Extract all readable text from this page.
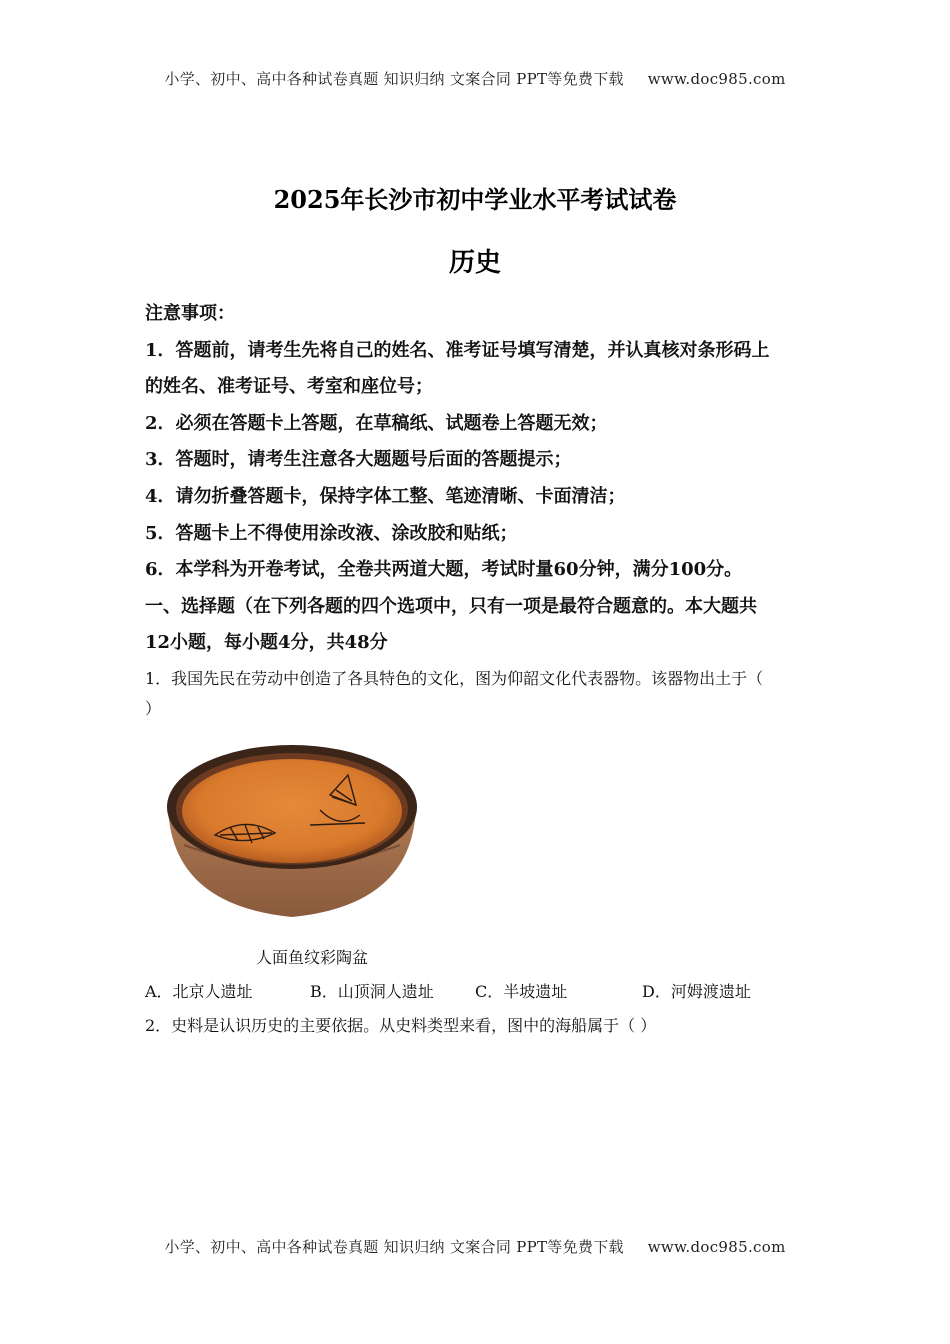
小学、初中、高中各种试卷真题 知识归纳 文案合同 PPT等免费下载 www.doc985.com
2025年长沙市初中学业水平考试试卷
历史
注意事项：
1．答题前，请考生先将自己的姓名、准考证号填写清楚，并认真核对条形码上
的姓名、准考证号、考室和座位号；
2．必须在答题卡上答题，在草稿纸、试题卷上答题无效；
3．答题时，请考生注意各大题题号后面的答题提示；
4．请勿折叠答题卡，保持字体工整、笔迹清晰、卡面清洁；
5．答题卡上不得使用涂改液、涂改胶和贴纸；
6．本学科为开卷考试，全卷共两道大题，考试时量60分钟，满分100分。
一、选择题（在下列各题的四个选项中，只有一项是最符合题意的。本大题共
12小题，每小题4分，共48分
1．我国先民在劳动中创造了各具特色的文化，图为仰韶文化代表器物。该器物出土于（
）
人面鱼纹彩陶盆
A．北京人遗址	B．山顶洞人遗址	C．半坡遗址	D．河姆渡遗址
2．史料是认识历史的主要依据。从史料类型来看，图中的海船属于（ ）
小学、初中、高中各种试卷真题 知识归纳 文案合同 PPT等免费下载 www.doc985.com
